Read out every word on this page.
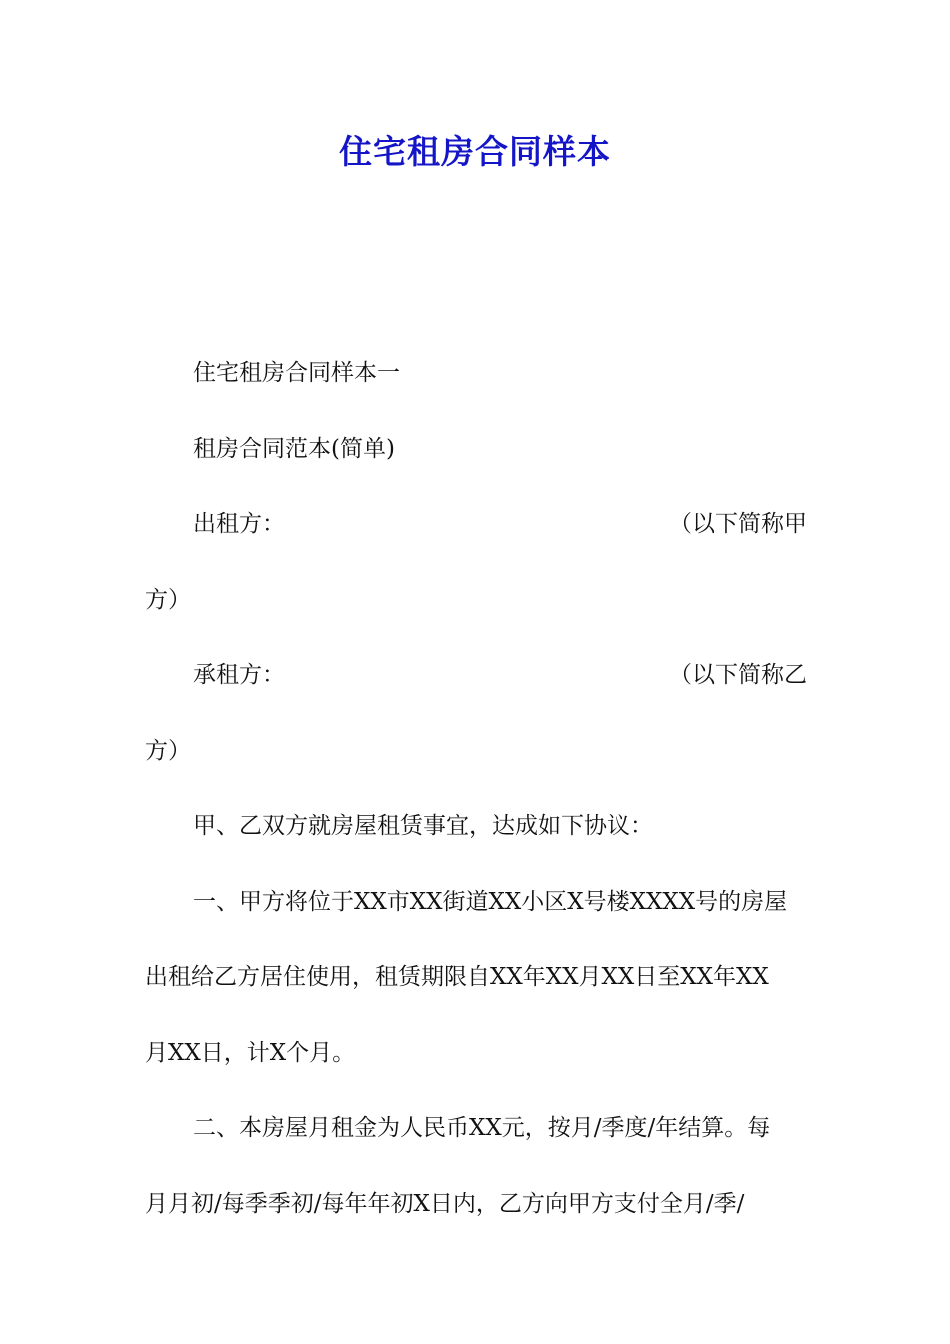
住宅租房合同样本

住宅租房合同样本一

租房合同范本(简单)

出租方：	（以下简称甲

方）

承租方：	（以下简称乙

方）

甲、乙双方就房屋租赁事宜，达成如下协议：

一、甲方将位于XX市XX街道XX小区X号楼XXXX号的房屋

出租给乙方居住使用，租赁期限自XX年XX月XX日至XX年XX

月XX日，计X个月。

二、本房屋月租金为人民币XX元，按月/季度/年结算。每

月月初/每季季初/每年年初X日内，乙方向甲方支付全月/季/
